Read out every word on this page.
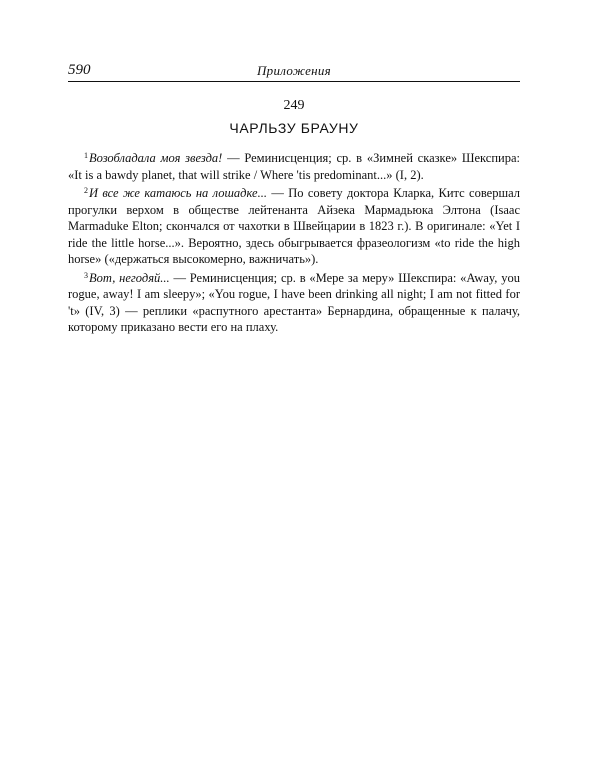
590	Приложения
249
ЧАРЛЬЗУ БРАУНУ

$^1$Возобладала моя звезда! — Реминисценция; ср. в «Зимней сказке» Шекспира: «It is a bawdy planet, that will strike / Where 'tis predominant...» (I, 2).

$^2$И все же катаюсь на лошадке... — По совету доктора Кларка, Китс совершал прогулки верхом в обществе лейтенанта Айзека Мармадьюка Элтона (Isaac Marmaduke Elton; скончался от чахотки в Швейцарии в 1823 г.). В оригинале: «Yet I ride the little horse...». Вероятно, здесь обыгрывается фразеологизм «to ride the high horse» («держаться высокомерно, важничать»).

$^3$Вот, негодяй... — Реминисценция; ср. в «Мере за меру» Шекспира: «Away, you rogue, away! I am sleepy»; «You rogue, I have been drinking all night; I am not fitted for 't» (IV, 3) — реплики «распутного арестанта» Бернардина, обращенные к палачу, которому приказано вести его на плаху.
